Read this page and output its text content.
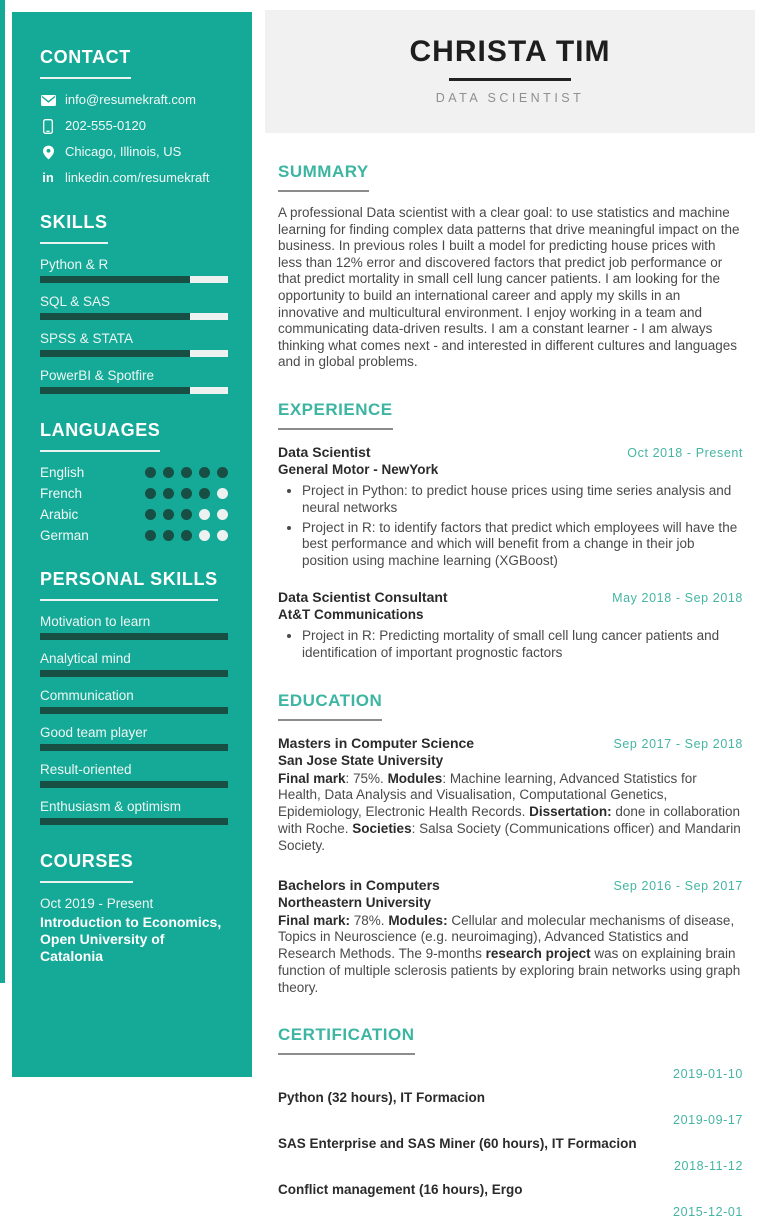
CONTACT
info@resumekraft.com
202-555-0120
Chicago, Illinois, US
in linkedin.com/resumekraft
SKILLS
Python & R
SQL & SAS
SPSS & STATA
PowerBI & Spotfire
LANGUAGES
English
French
Arabic
German
PERSONAL SKILLS
Motivation to learn
Analytical mind
Communication
Good team player
Result-oriented
Enthusiasm & optimism
COURSES
Oct 2019 - Present
Introduction to Economics,
Open University of Catalonia
CHRISTA TIM
DATA SCIENTIST
SUMMARY
A professional Data scientist with a clear goal: to use statistics and machine learning for finding complex data patterns that drive meaningful impact on the business. In previous roles I built a model for predicting house prices with less than 12% error and discovered factors that predict job performance or that predict mortality in small cell lung cancer patients. I am looking for the opportunity to build an international career and apply my skills in an innovative and multicultural environment. I enjoy working in a team and communicating data-driven results. I am a constant learner - I am always thinking what comes next - and interested in different cultures and languages and in global problems.
EXPERIENCE
Data Scientist
General Motor - NewYork
Oct 2018 - Present
• Project in Python: to predict house prices using time series analysis and neural networks
• Project in R: to identify factors that predict which employees will have the best performance and which will benefit from a change in their job position using machine learning (XGBoost)
Data Scientist Consultant
At&T Communications
May 2018 - Sep 2018
• Project in R: Predicting mortality of small cell lung cancer patients and identification of important prognostic factors
EDUCATION
Masters in Computer Science
San Jose State University
Sep 2017 - Sep 2018
Final mark: 75%. Modules: Machine learning, Advanced Statistics for Health, Data Analysis and Visualisation, Computational Genetics, Epidemiology, Electronic Health Records. Dissertation: done in collaboration with Roche. Societies: Salsa Society (Communications officer) and Mandarin Society.
Bachelors in Computers
Northeastern University
Sep 2016 - Sep 2017
Final mark: 78%. Modules: Cellular and molecular mechanisms of disease, Topics in Neuroscience (e.g. neuroimaging), Advanced Statistics and Research Methods. The 9-months research project was on explaining brain function of multiple sclerosis patients by exploring brain networks using graph theory.
CERTIFICATION
2019-01-10
Python (32 hours), IT Formacion
2019-09-17
SAS Enterprise and SAS Miner (60 hours), IT Formacion
2018-11-12
Conflict management (16 hours), Ergo
2015-12-01
